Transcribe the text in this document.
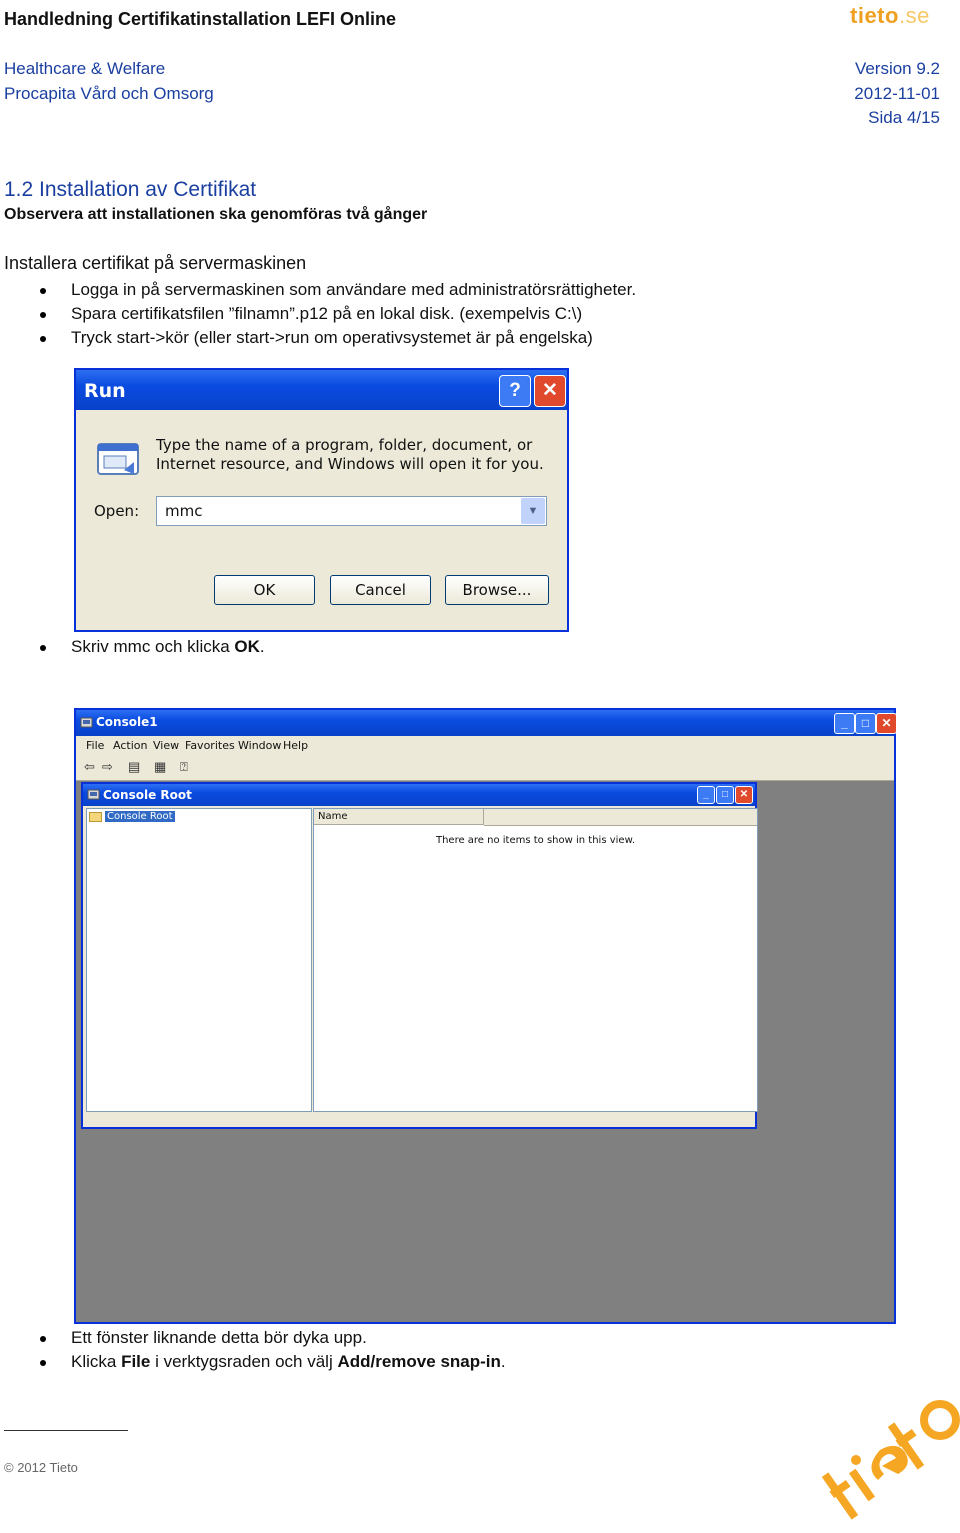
Handledning Certifikatinstallation LEFI Online	tieto.se
Healthcare & Welfare
Procapita Vård och Omsorg
Version 9.2
2012-11-01
Sida 4/15
1.2 Installation av Certifikat
Observera att installationen ska genomföras två gånger
Installera certifikat på servermaskinen
Logga in på servermaskinen som användare med administratörsrättigheter.
Spara certifikatsfilen ”filnamn”.p12 på en lokal disk. (exempelvis C:\)
Tryck start->kör (eller start->run om operativsystemet är på engelska)
Run	?	✕
Type the name of a program, folder, document, or Internet resource, and Windows will open it for you.
Open: mmc	▼
OK	Cancel	Browse...
Skriv mmc och klicka OK.
Console1	_	□	✕
File Action View Favorites Window Help
⇦ ⇨ ▤ ▦ ⍰
Console Root	_	□	✕
Console Root	Name
There are no items to show in this view.
Ett fönster liknande detta bör dyka upp.
Klicka File i verktygsraden och välj Add/remove snap-in.
© 2012 Tieto
